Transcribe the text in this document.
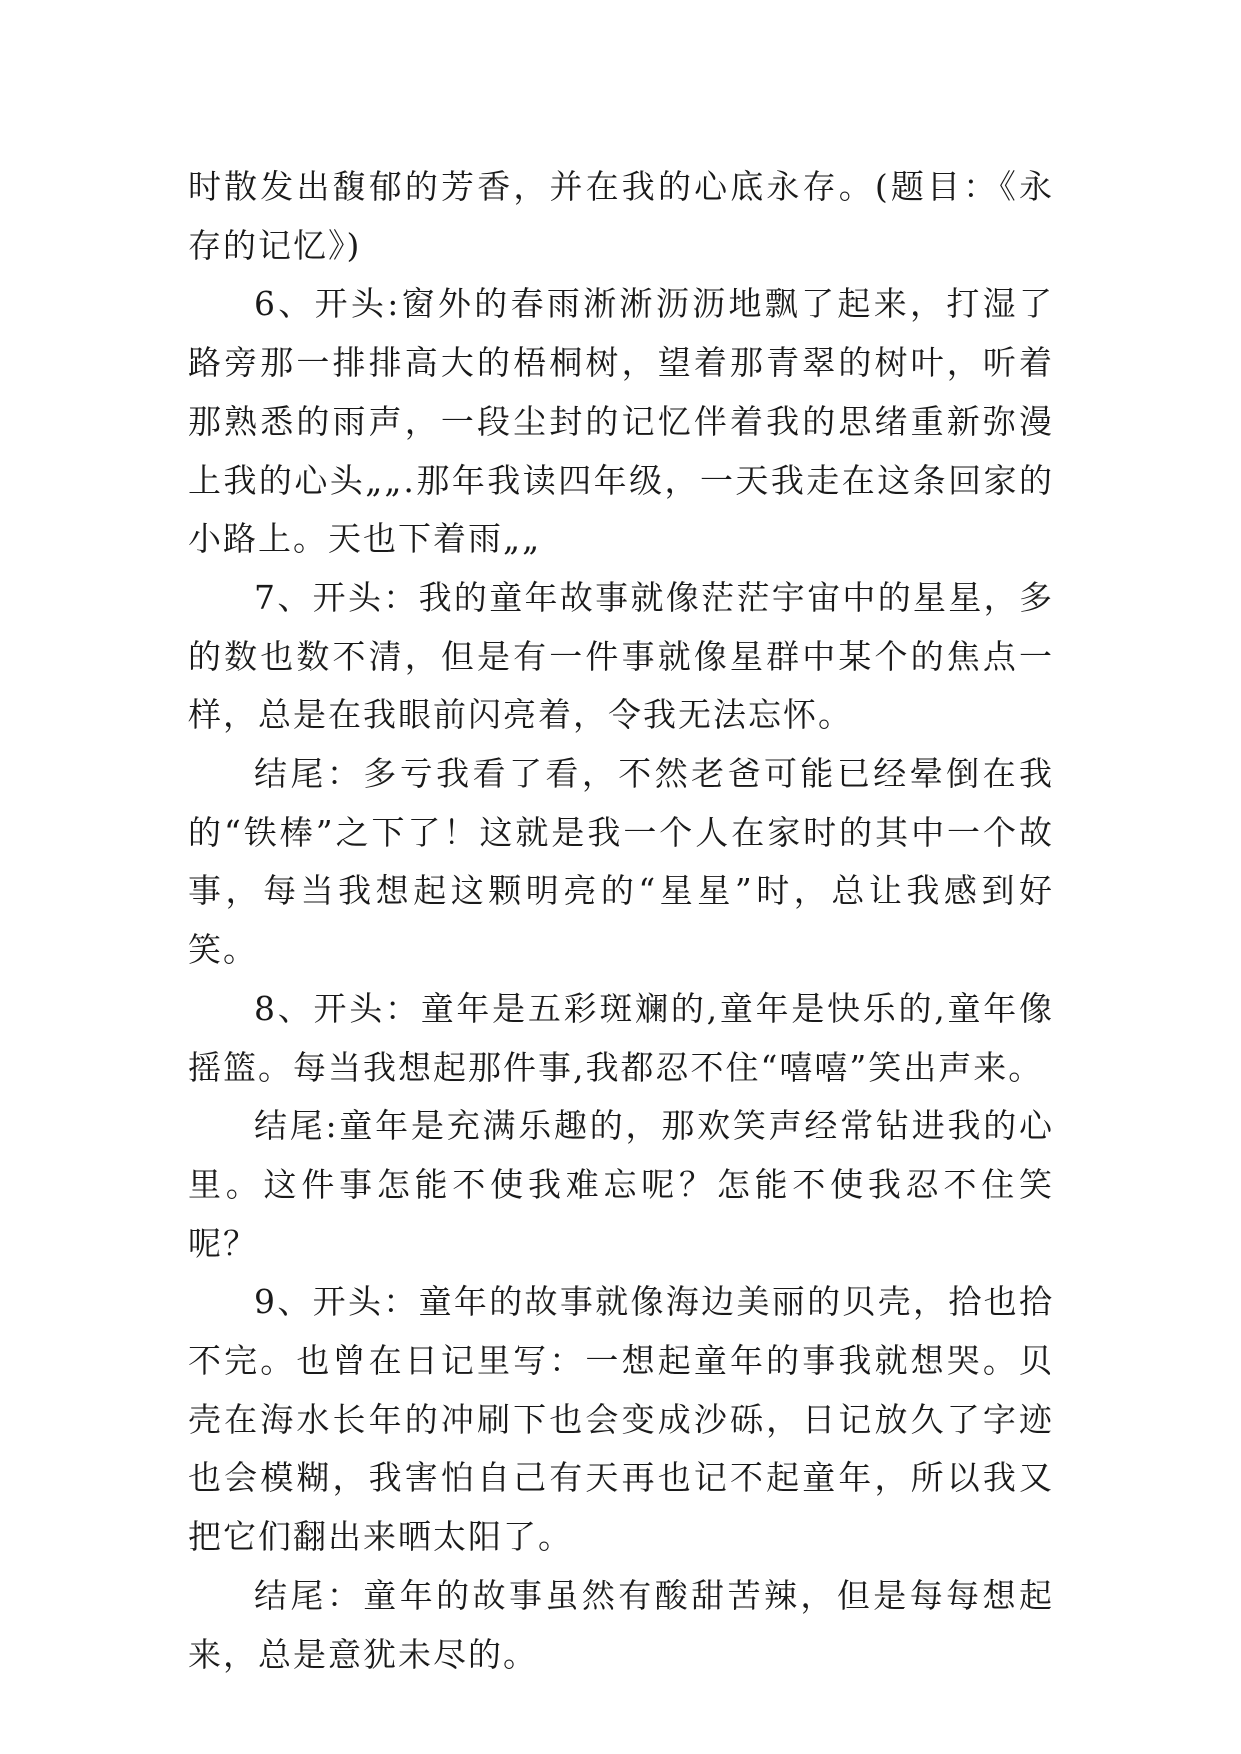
时散发出馥郁的芳香，并在我的心底永存。(题目：《永存的记忆》)

6、开头:窗外的春雨淅淅沥沥地飘了起来，打湿了路旁那一排排高大的梧桐树，望着那青翠的树叶，听着那熟悉的雨声，一段尘封的记忆伴着我的思绪重新弥漫上我的心头„„.那年我读四年级，一天我走在这条回家的小路上。天也下着雨„„

7、开头：我的童年故事就像茫茫宇宙中的星星，多的数也数不清，但是有一件事就像星群中某个的焦点一样，总是在我眼前闪亮着，令我无法忘怀。

结尾：多亏我看了看，不然老爸可能已经晕倒在我的“铁棒”之下了！这就是我一个人在家时的其中一个故事，每当我想起这颗明亮的“星星”时，总让我感到好笑。

8、开头：童年是五彩斑斓的,童年是快乐的,童年像摇篮。每当我想起那件事,我都忍不住“嘻嘻”笑出声来。

结尾:童年是充满乐趣的，那欢笑声经常钻进我的心里。这件事怎能不使我难忘呢？怎能不使我忍不住笑呢？

9、开头：童年的故事就像海边美丽的贝壳，拾也拾不完。也曾在日记里写：一想起童年的事我就想哭。贝壳在海水长年的冲刷下也会变成沙砾，日记放久了字迹也会模糊，我害怕自己有天再也记不起童年，所以我又把它们翻出来晒太阳了。

结尾：童年的故事虽然有酸甜苦辣，但是每每想起来，总是意犹未尽的。
